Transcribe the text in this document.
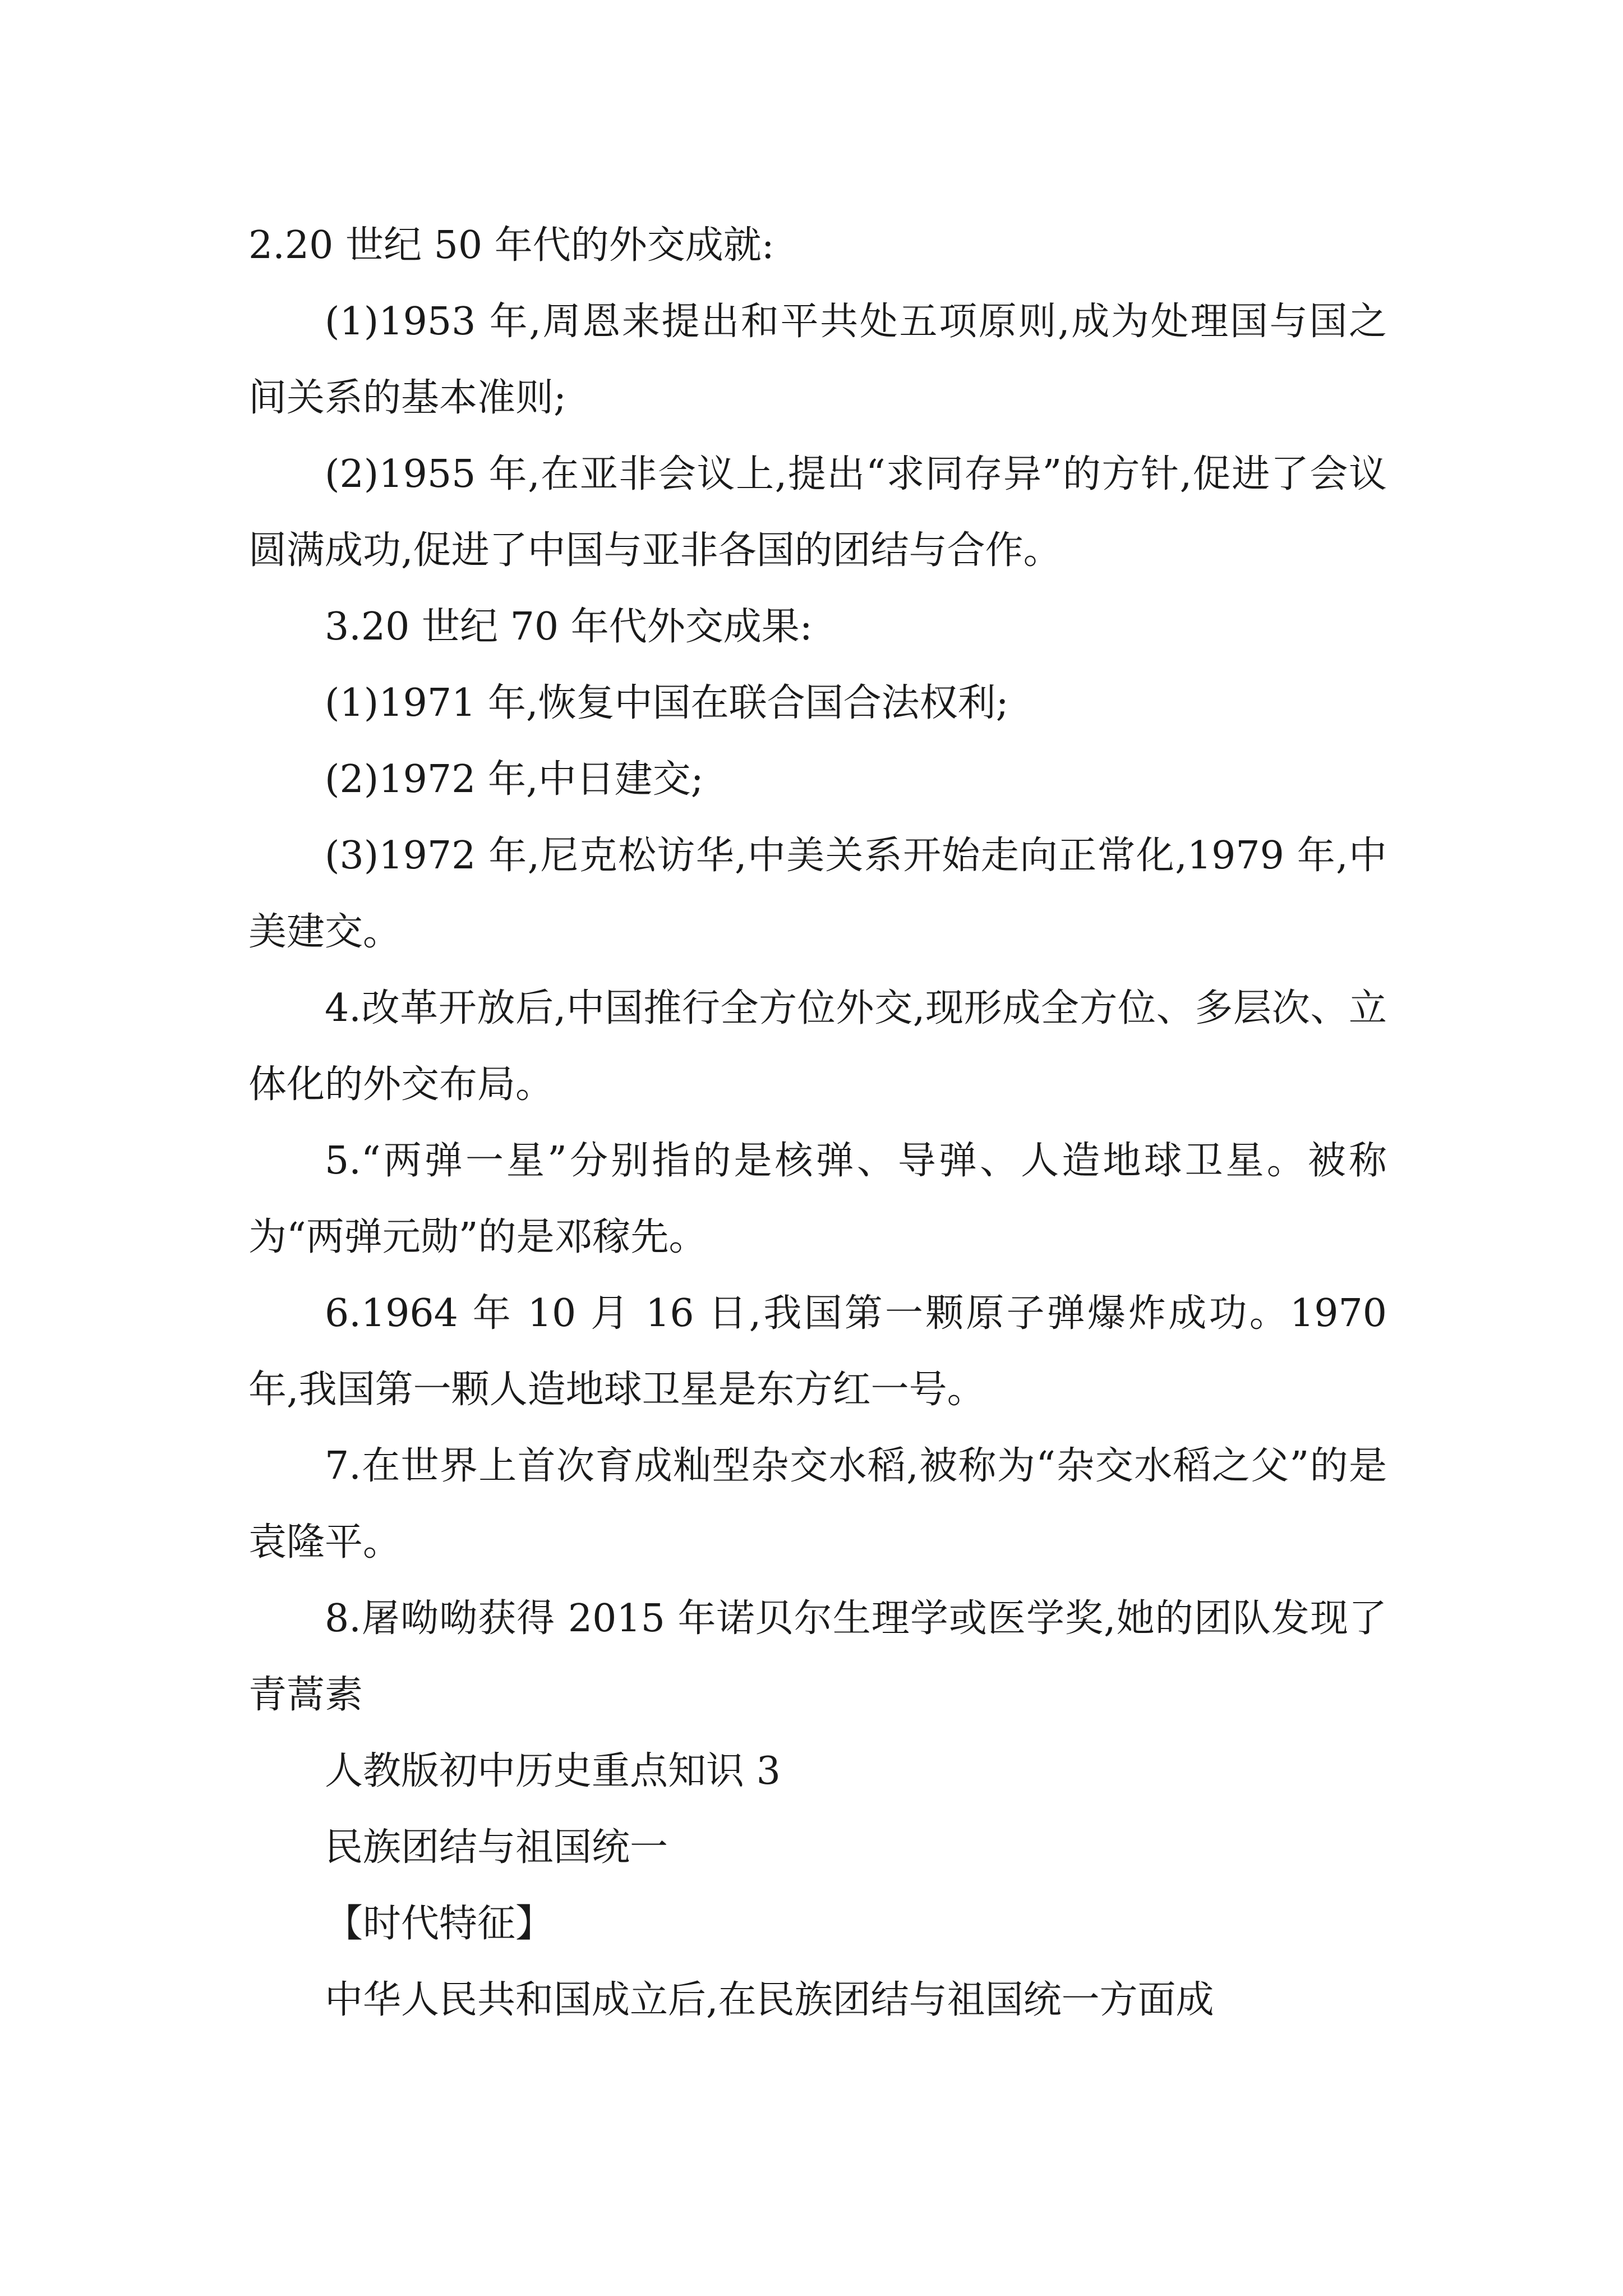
2.20 世纪 50 年代的外交成就:

(1)1953 年,周恩来提出和平共处五项原则,成为处理国与国之间关系的基本准则;

(2)1955 年,在亚非会议上,提出“求同存异”的方针,促进了会议圆满成功,促进了中国与亚非各国的团结与合作。

3.20 世纪 70 年代外交成果:

(1)1971 年,恢复中国在联合国合法权利;

(2)1972 年,中日建交;

(3)1972 年,尼克松访华,中美关系开始走向正常化,1979 年,中美建交。

4.改革开放后,中国推行全方位外交,现形成全方位、多层次、立体化的外交布局。

5.“两弹一星”分别指的是核弹、导弹、人造地球卫星。被称为“两弹元勋”的是邓稼先。

6.1964 年 10 月 16 日,我国第一颗原子弹爆炸成功。1970 年,我国第一颗人造地球卫星是东方红一号。

7.在世界上首次育成籼型杂交水稻,被称为“杂交水稻之父”的是袁隆平。

8.屠呦呦获得 2015 年诺贝尔生理学或医学奖,她的团队发现了青蒿素

人教版初中历史重点知识 3

民族团结与祖国统一

【时代特征】

中华人民共和国成立后,在民族团结与祖国统一方面成
